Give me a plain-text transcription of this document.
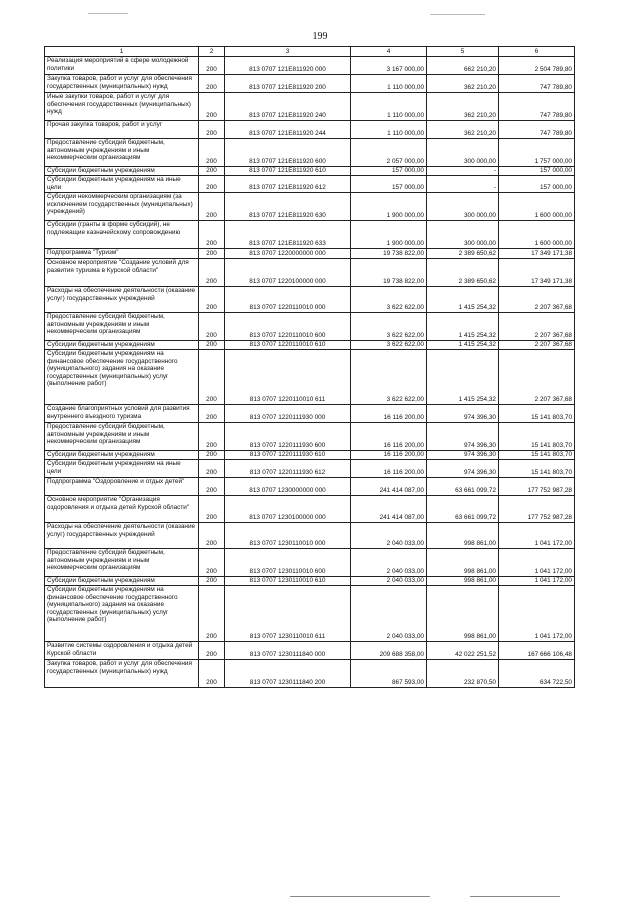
199
1	2	3	4	5	6
Реализация мероприятий в сфере молодежной политики	200	813 0707 121Е811920 000	3 167 000,00	662 210,20	2 504 789,80
Закупка товаров, работ и услуг для обеспечения государственных (муниципальных) нужд	200	813 0707 121Е811920 200	1 110 000,00	362 210,20	747 789,80
Иные закупки товаров, работ и услуг для обеспечения государственных (муниципальных) нужд	200	813 0707 121Е811920 240	1 110 000,00	362 210,20	747 789,80
Прочая закупка товаров, работ и услуг	200	813 0707 121Е811920 244	1 110 000,00	362 210,20	747 789,80
Предоставление субсидий бюджетным, автономным учреждениям и иным некоммерческим организациям	200	813 0707 121Е811920 600	2 057 000,00	300 000,00	1 757 000,00
Субсидии бюджетным учреждениям	200	813 0707 121Е811920 610	157 000,00	-	157 000,00
Субсидии бюджетным учреждениям на иные цели	200	813 0707 121Е811920 612	157 000,00	-	157 000,00
Субсидии некоммерческим организациям (за исключением государственных (муниципальных) учреждений)	200	813 0707 121Е811920 630	1 900 000,00	300 000,00	1 600 000,00
Субсидии (гранты в форме субсидий), не подлежащие казначейскому сопровождению	200	813 0707 121Е811920 633	1 900 000,00	300 000,00	1 600 000,00
Подпрограмма "Туризм"	200	813 0707 1220000000 000	19 738 822,00	2 389 650,62	17 349 171,38
Основное мероприятие "Создание условий для развития туризма в Курской области"	200	813 0707 1220100000 000	19 738 822,00	2 389 650,62	17 349 171,38
Расходы на обеспечение деятельности (оказание услуг) государственных учреждений	200	813 0707 1220110010 000	3 622 622,00	1 415 254,32	2 207 367,68
Предоставление субсидий бюджетным, автономным учреждениям и иным некоммерческим организациям	200	813 0707 1220110010 600	3 622 622,00	1 415 254,32	2 207 367,68
Субсидии бюджетным учреждениям	200	813 0707 1220110010 610	3 622 622,00	1 415 254,32	2 207 367,68
Субсидии бюджетным учреждениям на финансовое обеспечение государственного (муниципального) задания на оказание государственных (муниципальных) услуг (выполнение работ)	200	813 0707 1220110010 611	3 622 622,00	1 415 254,32	2 207 367,68
Создание благоприятных условий для развития внутреннего въездного туризма	200	813 0707 1220111930 000	16 116 200,00	974 396,30	15 141 803,70
Предоставление субсидий бюджетным, автономным учреждениям и иным некоммерческим организациям	200	813 0707 1220111930 600	16 116 200,00	974 396,30	15 141 803,70
Субсидии бюджетным учреждениям	200	813 0707 1220111930 610	16 116 200,00	974 396,30	15 141 803,70
Субсидии бюджетным учреждениям на иные цели	200	813 0707 1220111930 612	16 116 200,00	974 396,30	15 141 803,70
Подпрограмма "Оздоровление и отдых детей"	200	813 0707 1230000000 000	241 414 087,00	63 661 099,72	177 752 987,28
Основное мероприятие "Организация оздоровления и отдыха детей Курской области"	200	813 0707 1230100000 000	241 414 087,00	63 661 099,72	177 752 987,28
Расходы на обеспечение деятельности (оказание услуг) государственных учреждений	200	813 0707 1230110010 000	2 040 033,00	998 861,00	1 041 172,00
Предоставление субсидий бюджетным, автономным учреждениям и иным некоммерческим организациям	200	813 0707 1230110010 600	2 040 033,00	998 861,00	1 041 172,00
Субсидии бюджетным учреждениям	200	813 0707 1230110010 610	2 040 033,00	998 861,00	1 041 172,00
Субсидии бюджетным учреждениям на финансовое обеспечение государственного (муниципального) задания на оказание государственных (муниципальных) услуг (выполнение работ)	200	813 0707 1230110010 611	2 040 033,00	998 861,00	1 041 172,00
Развитие системы оздоровления и отдыха детей Курской области	200	813 0707 1230111840 000	209 688 358,00	42 022 251,52	167 666 106,48
Закупка товаров, работ и услуг для обеспечения государственных (муниципальных) нужд	200	813 0707 1230111840 200	867 593,00	232 870,50	634 722,50
